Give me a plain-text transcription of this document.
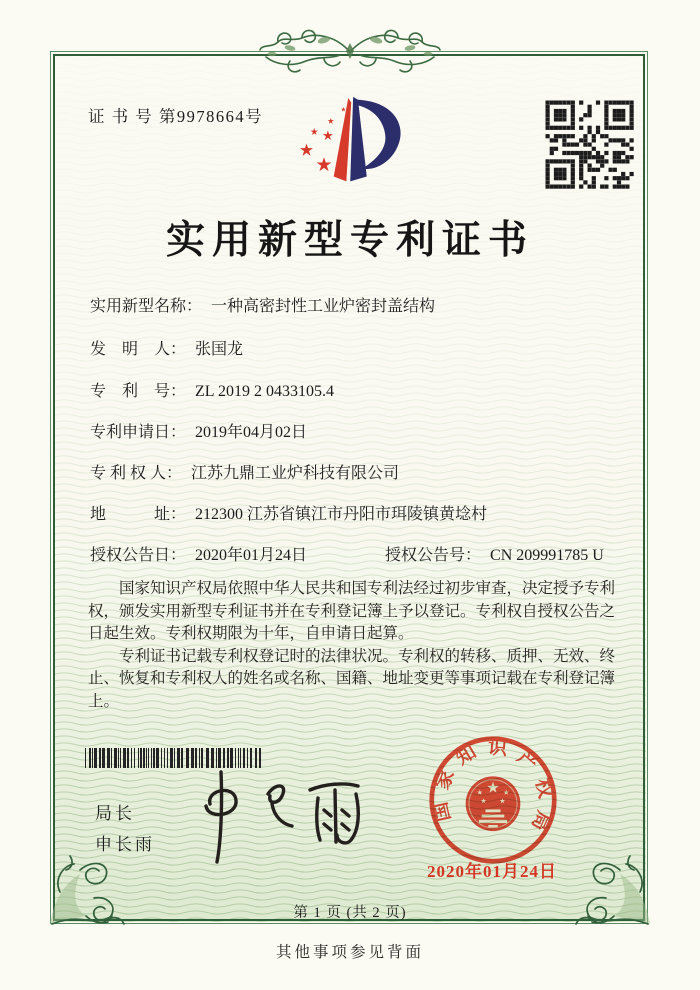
证 书 号 第9978664号
实用新型专利证书
实用新型名称： 一种高密封性工业炉密封盖结构
发　明　人： 张国龙
专　利　号： ZL 2019 2 0433105.4
专利申请日： 2019年04月02日
专 利 权 人： 江苏九鼎工业炉科技有限公司
地　　　址： 212300 江苏省镇江市丹阳市珥陵镇黄埝村
授权公告日： 2020年01月24日	授权公告号： CN 209991785 U

国家知识产权局依照中华人民共和国专利法经过初步审查，决定授予专利权，颁发实用新型专利证书并在专利登记簿上予以登记。专利权自授权公告之日起生效。专利权期限为十年，自申请日起算。

专利证书记载专利权登记时的法律状况。专利权的转移、质押、无效、终止、恢复和专利权人的姓名或名称、国籍、地址变更等事项记载在专利登记簿上。

局长
申长雨
国家知识产权局
2020年01月24日
第 1 页 (共 2 页)
其他事项参见背面
